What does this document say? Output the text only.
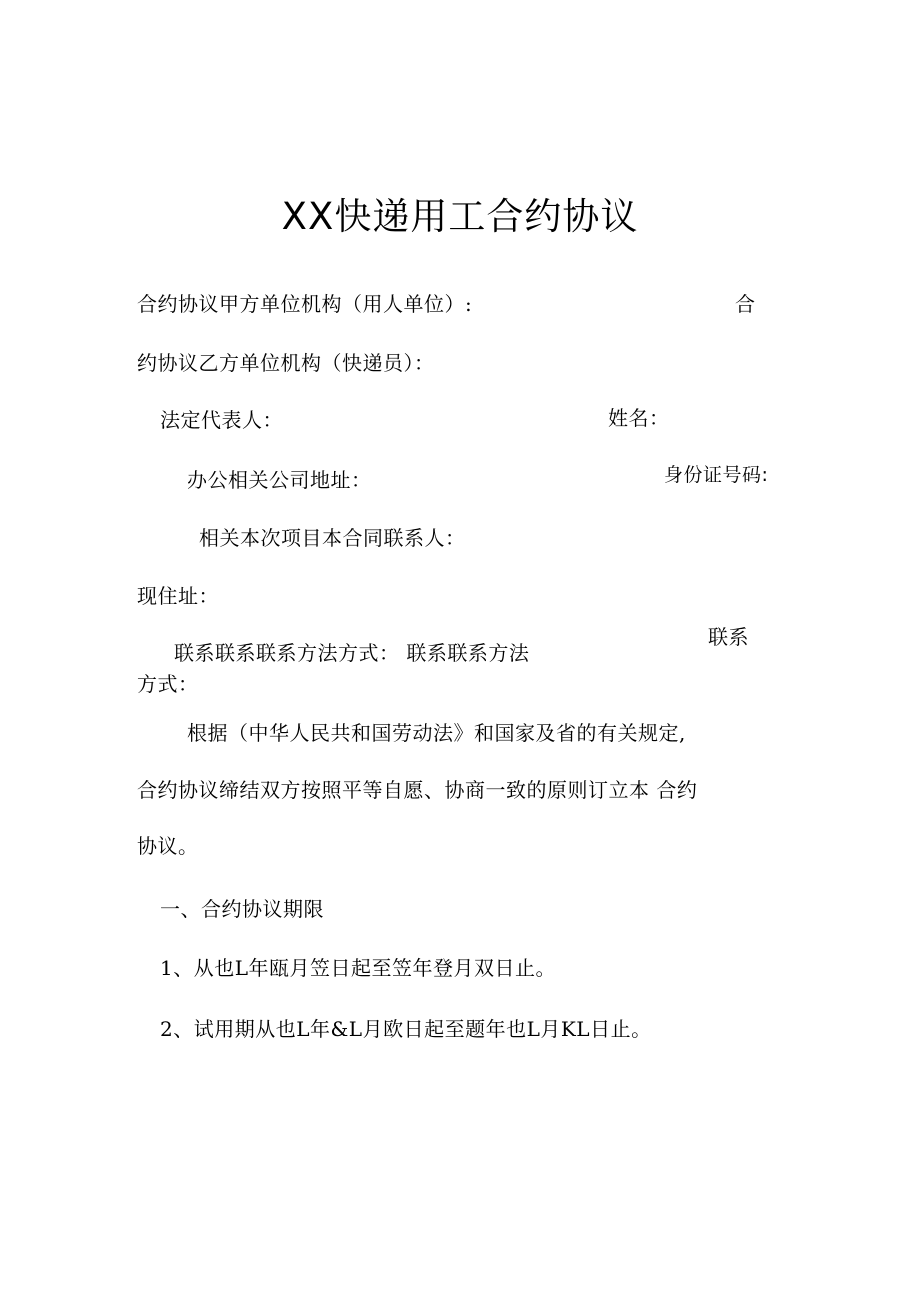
XX快递用工合约协议
合约协议甲方单位机构（用人单位）:	合
约协议乙方单位机构（快递员）：
法定代表人：	姓名：
办公相关公司地址：	身份证号码:
相关本次项目本合同联系人：
现住址：
联系
联系联系联系方法方式： 联系联系方法
方式：
根据（中华人民共和国劳动法》和国家及省的有关规定,
合约协议缔结双方按照平等自愿、协商一致的原则订立本 合约
协议。
一、合约协议期限
1、从也L年瓯月笠日起至笠年登月双日止。
2、试用期从也L年&L月欧日起至题年也L月KL日止。
